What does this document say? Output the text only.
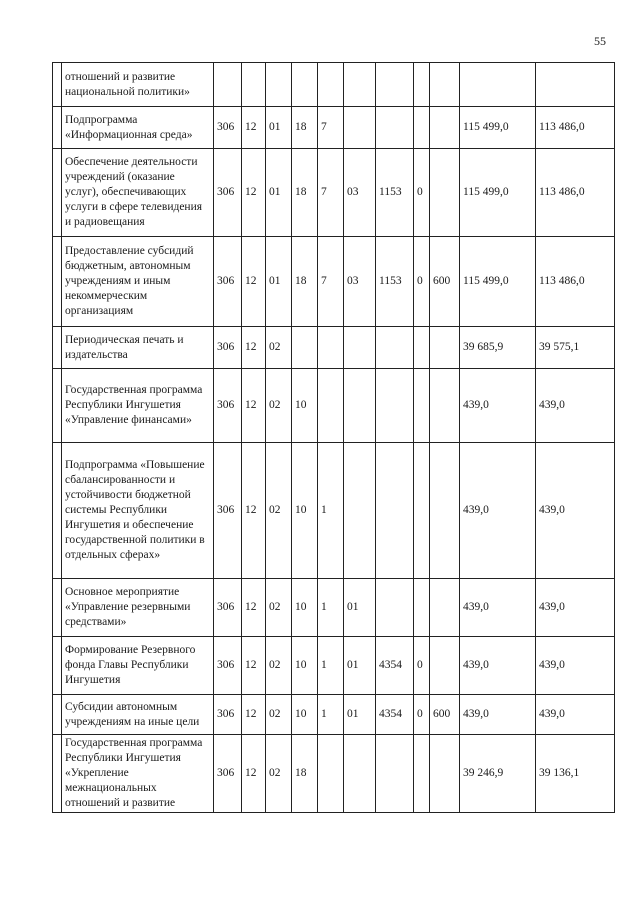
55
	отношений и развитие национальной политики»											
	Подпрограмма «Информационная среда»	306	12	01	18	7					115 499,0	113 486,0
	Обеспечение деятельности учреждений (оказание услуг), обеспечивающих услуги в сфере телевидения и радиовещания	306	12	01	18	7	03	1153	0		115 499,0	113 486,0
	Предоставление субсидий бюджетным, автономным учреждениям и иным некоммерческим организациям	306	12	01	18	7	03	1153	0	600	115 499,0	113 486,0
	Периодическая печать и издательства	306	12	02							39 685,9	39 575,1
	Государственная программа Республики Ингушетия «Управление финансами»	306	12	02	10						439,0	439,0
	Подпрограмма «Повышение сбалансированности и устойчивости бюджетной системы Республики Ингушетия и обеспечение государственной политики в отдельных сферах»	306	12	02	10	1					439,0	439,0
	Основное мероприятие «Управление резервными средствами»	306	12	02	10	1	01				439,0	439,0
	Формирование Резервного фонда Главы Республики Ингушетия	306	12	02	10	1	01	4354	0		439,0	439,0
	Субсидии автономным учреждениям на иные цели	306	12	02	10	1	01	4354	0	600	439,0	439,0
	Государственная программа Республики Ингушетия «Укрепление межнациональных отношений и развитие	306	12	02	18						39 246,9	39 136,1
